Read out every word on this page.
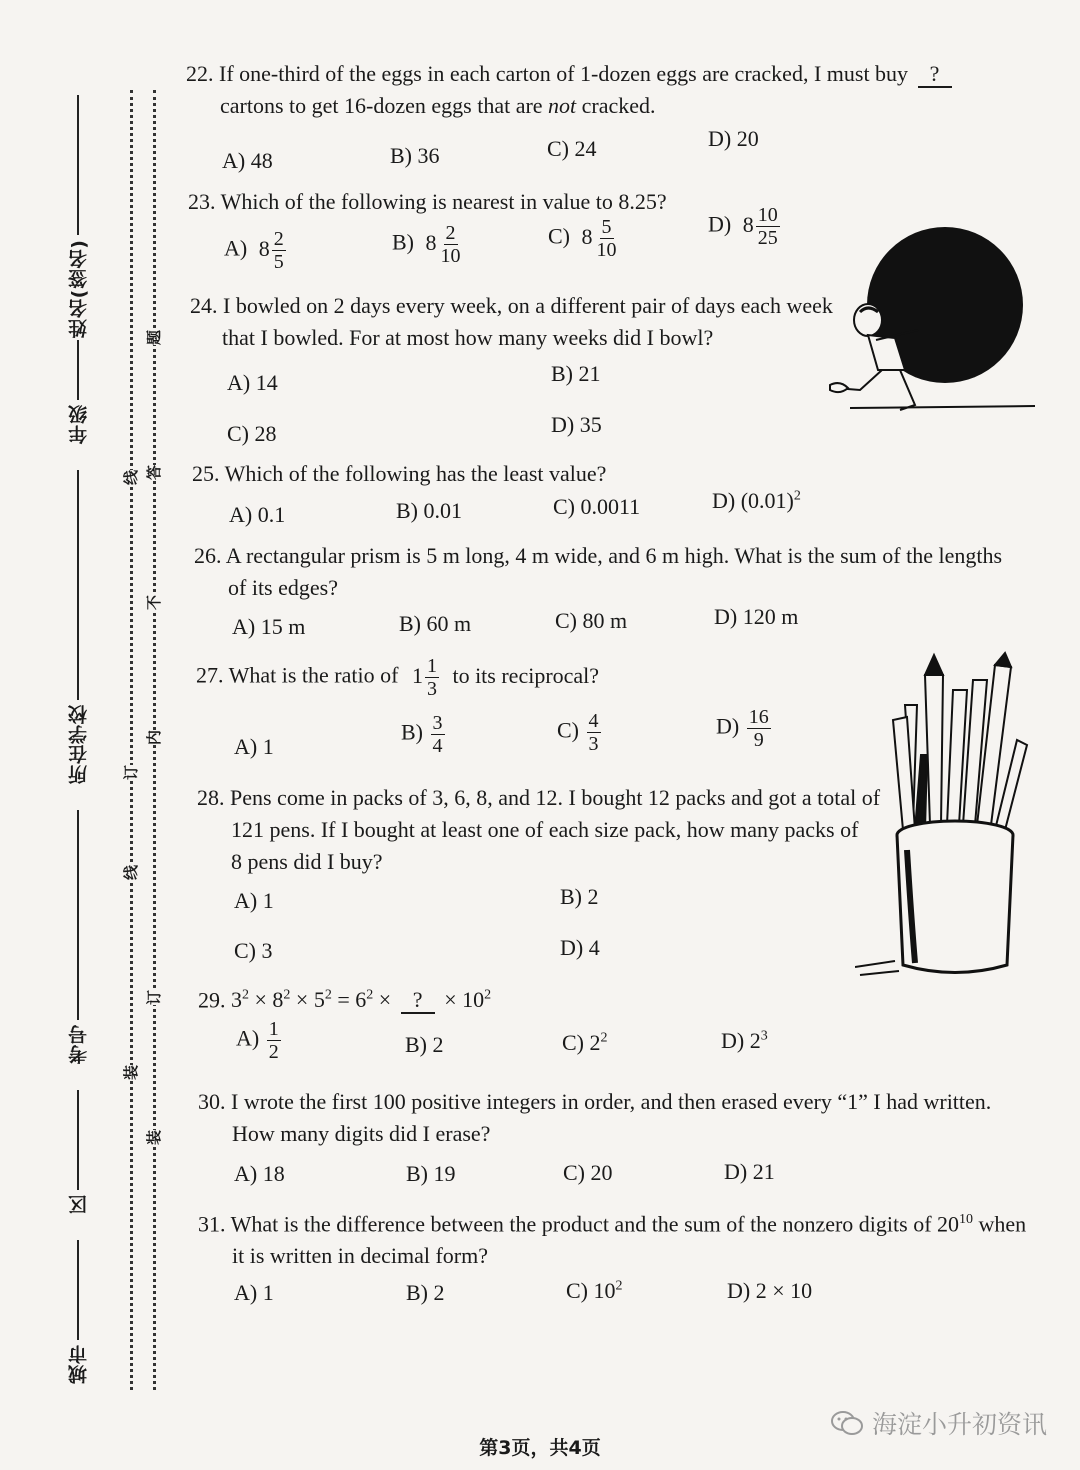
姓名(签名)
年级
所在学校
考号
区
城市
线
订
线
装
题
答
不
内
订
装
22. If one-third of the eggs in each carton of 1-dozen eggs are cracked, I must buy ?
cartons to get 16-dozen eggs that are not cracked.
A) 48	B) 36	C) 24	D) 20
23. Which of the following is nearest in value to 8.25?
A) $8 \frac{2}{5}$	B) $8 \frac{2}{10}$	C) $8 \frac{5}{10}$	D) $8 \frac{10}{25}$
24. I bowled on 2 days every week, on a different pair of days each week
that I bowled. For at most how many weeks did I bowl?
A) 14	B) 21
C) 28	D) 35
25. Which of the following has the least value?
A) 0.1	B) 0.01	C) 0.0011	D) $(0.01)^2$
26. A rectangular prism is 5 m long, 4 m wide, and 6 m high. What is the sum of the lengths
of its edges?
A) 15 m	B) 60 m	C) 80 m	D) 120 m
27. What is the ratio of $1 \frac{1}{3}$ to its reciprocal?
A) 1
$B) \frac{3}{4}$	$C) \frac{4}{3}$	$D) \frac{16}{9}$
28. Pens come in packs of 3, 6, 8, and 12. I bought 12 packs and got a total of
121 pens. If I bought at least one of each size pack, how many packs of
8 pens did I buy?
A) 1	B) 2
C) 3	D) 4
29. $3^2 \times 8^2 \times 5^2 = 6^2$ × ? × $10^2$
$A) \frac{1}{2}$	B) 2	C) $2^2$	D) $2^3$
30. I wrote the first 100 positive integers in order, and then erased every “1” I had written.
How many digits did I erase?
A) 18	B) 19	C) 20	D) 21
31. What is the difference between the product and the sum of the nonzero digits of $20^{10}$ when
it is written in decimal form?
A) 1	B) 2	C) $10^2$	D) 2 × 10
海淀小升初资讯
第3页，共4页
